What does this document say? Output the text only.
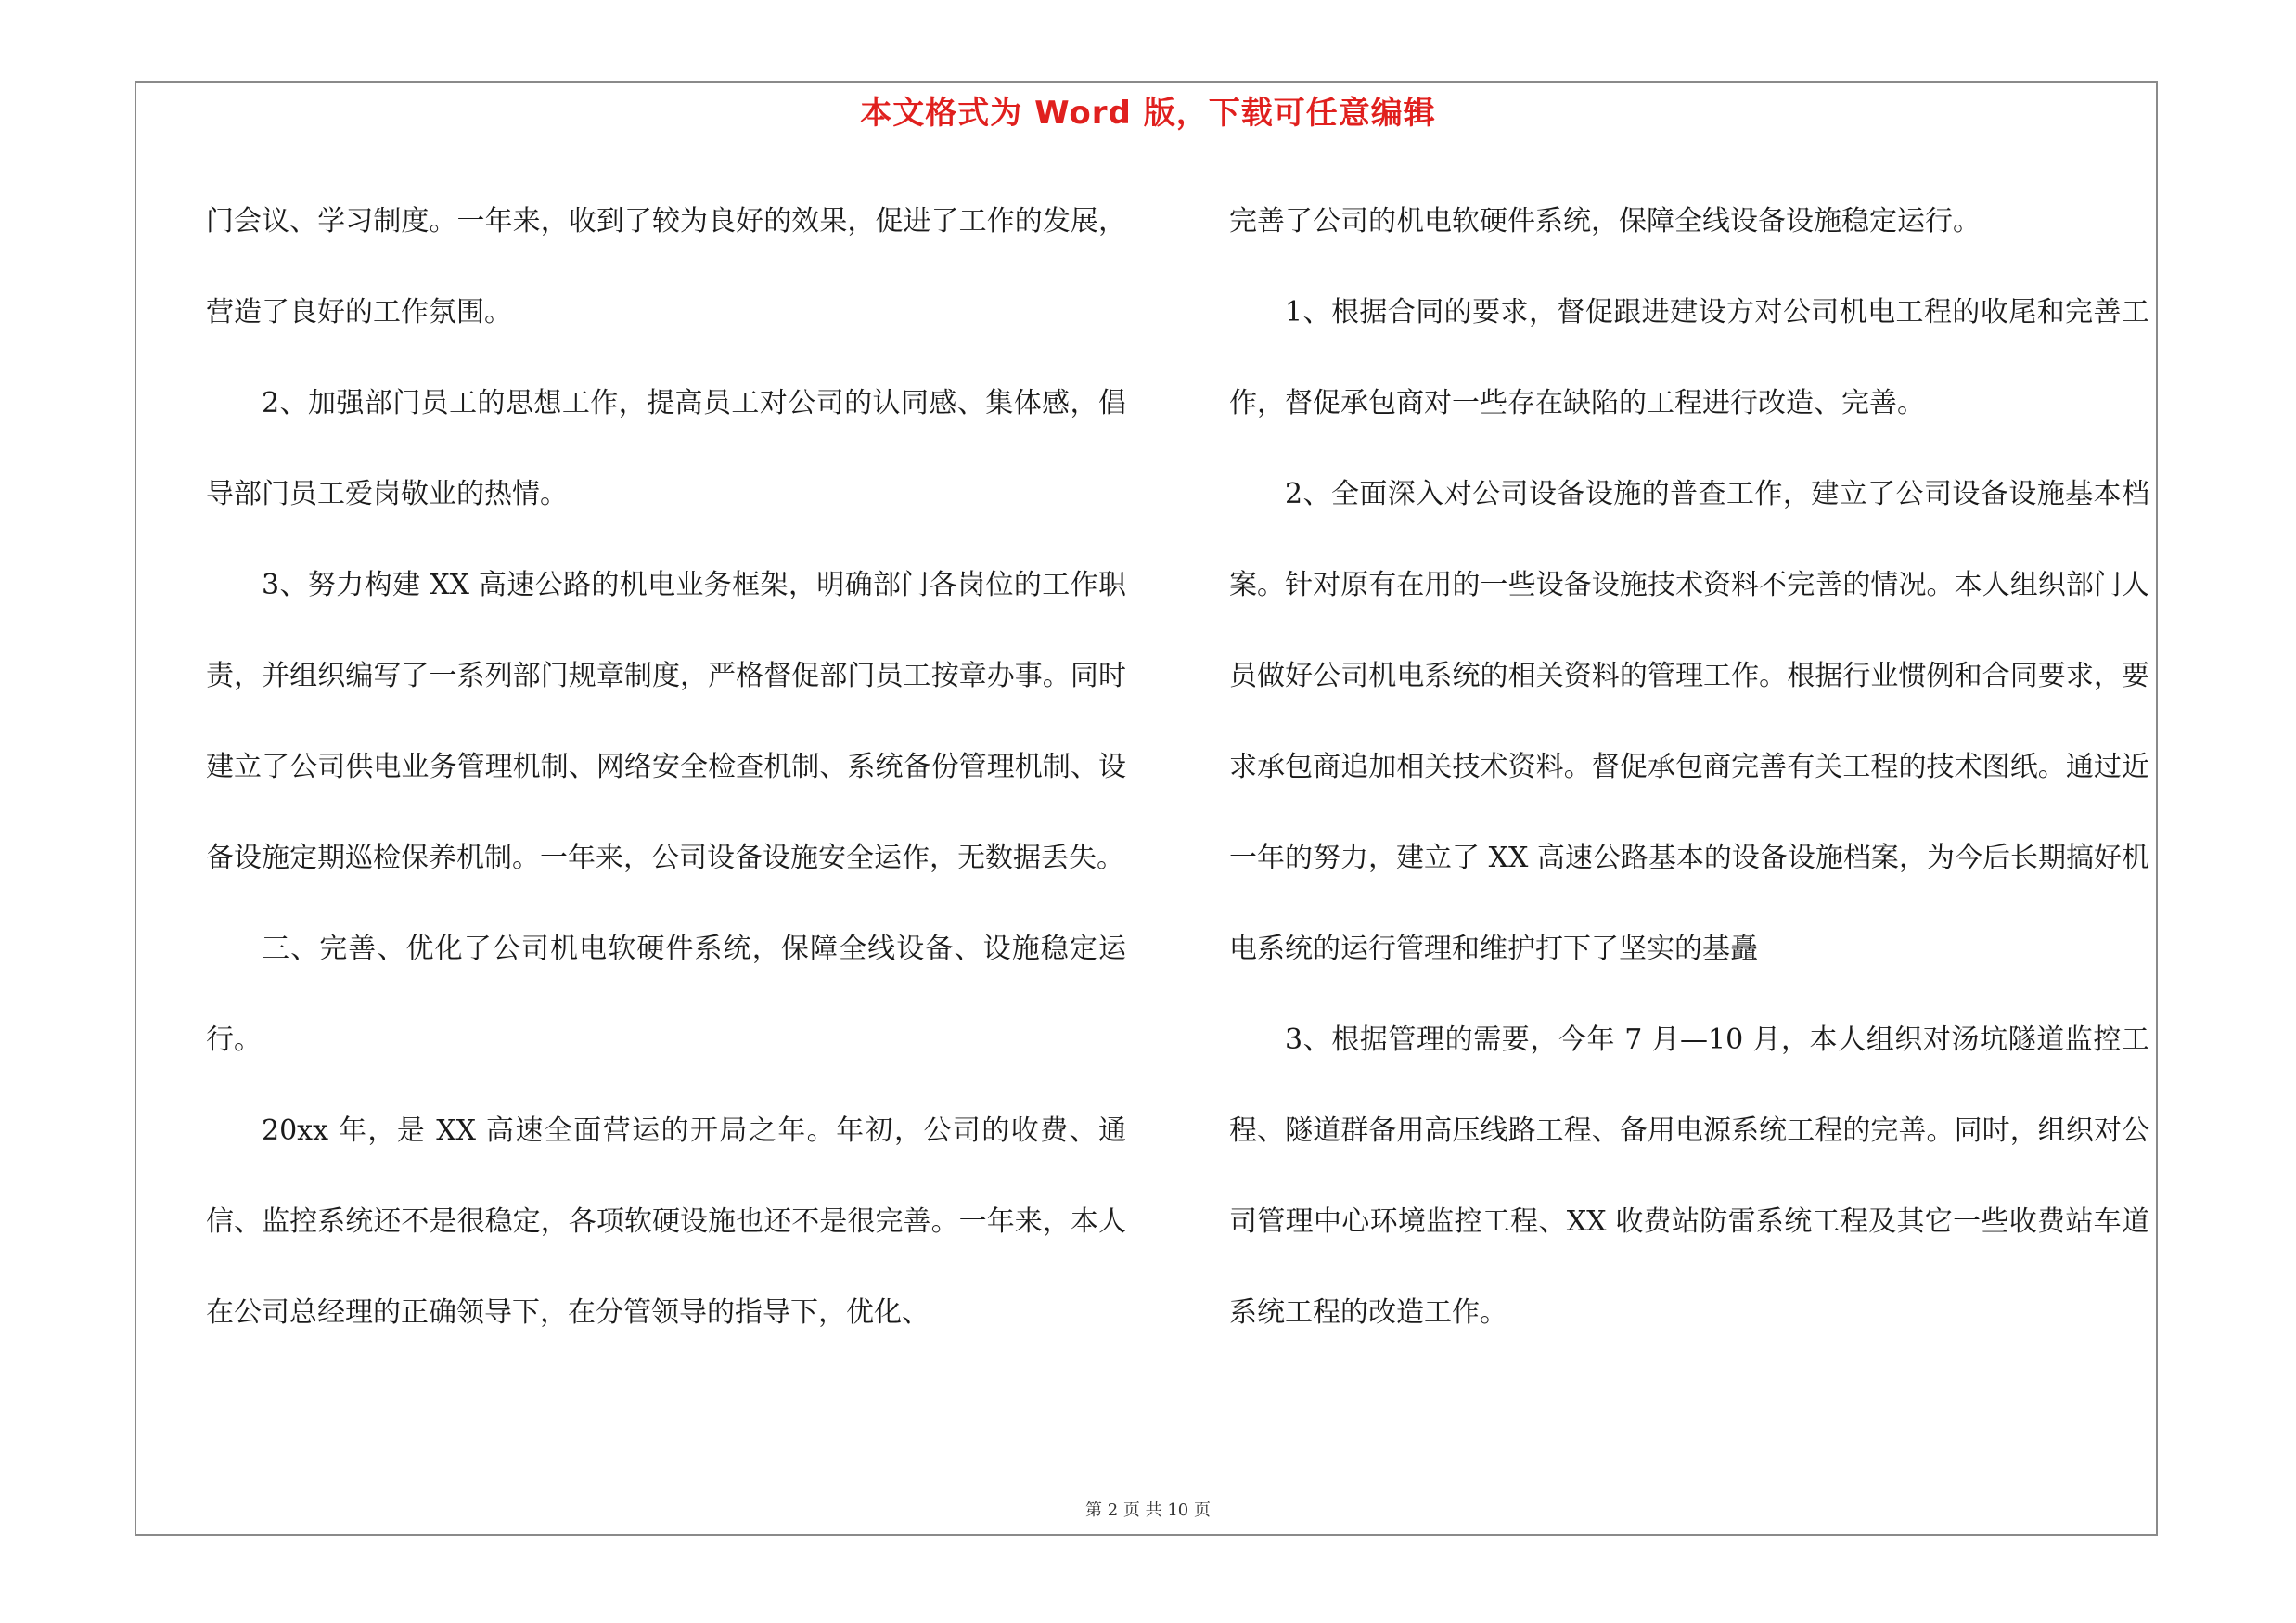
本文格式为 Word 版，下载可任意编辑

门会议、学习制度。一年来，收到了较为良好的效果，促进了工作的发展，营造了良好的工作氛围。

2、加强部门员工的思想工作，提高员工对公司的认同感、集体感，倡导部门员工爱岗敬业的热情。

3、努力构建 XX 高速公路的机电业务框架，明确部门各岗位的工作职责，并组织编写了一系列部门规章制度，严格督促部门员工按章办事。同时建立了公司供电业务管理机制、网络安全检查机制、系统备份管理机制、设备设施定期巡检保养机制。一年来，公司设备设施安全运作，无数据丢失。

三、完善、优化了公司机电软硬件系统，保障全线设备、设施稳定运行。

20xx 年，是 XX 高速全面营运的开局之年。年初，公司的收费、通信、监控系统还不是很稳定，各项软硬设施也还不是很完善。一年来，本人在公司总经理的正确领导下，在分管领导的指导下，优化、

完善了公司的机电软硬件系统，保障全线设备设施稳定运行。

1、根据合同的要求，督促跟进建设方对公司机电工程的收尾和完善工作，督促承包商对一些存在缺陷的工程进行改造、完善。

2、全面深入对公司设备设施的普查工作，建立了公司设备设施基本档案。针对原有在用的一些设备设施技术资料不完善的情况。本人组织部门人员做好公司机电系统的相关资料的管理工作。根据行业惯例和合同要求，要求承包商追加相关技术资料。督促承包商完善有关工程的技术图纸。通过近一年的努力，建立了 XX 高速公路基本的设备设施档案，为今后长期搞好机电系统的运行管理和维护打下了坚实的基矗

3、根据管理的需要，今年 7 月—10 月，本人组织对汤坑隧道监控工程、隧道群备用高压线路工程、备用电源系统工程的完善。同时，组织对公司管理中心环境监控工程、XX 收费站防雷系统工程及其它一些收费站车道系统工程的改造工作。

第 2 页 共 10 页
